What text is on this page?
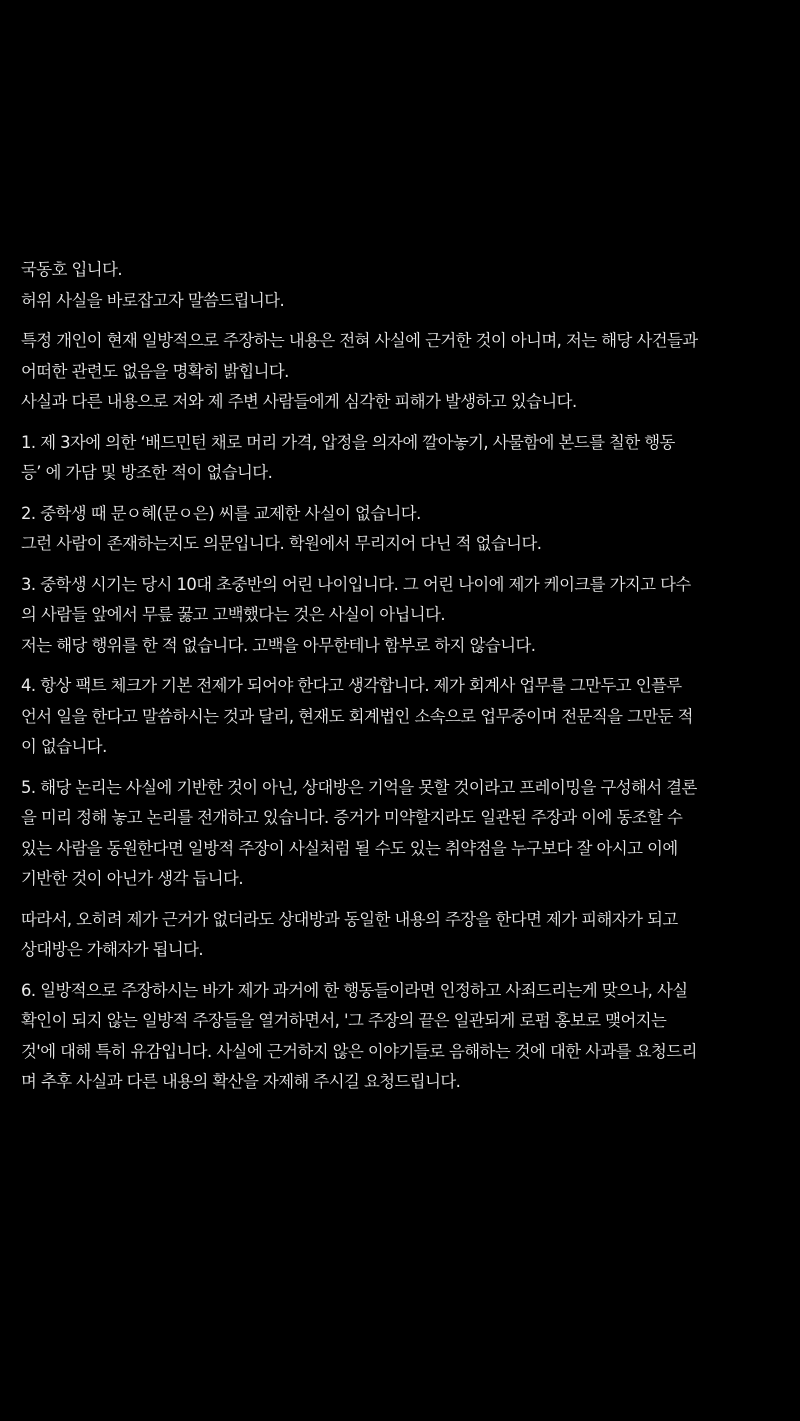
국동호 입니다.
허위 사실을 바로잡고자 말씀드립니다.
특정 개인이 현재 일방적으로 주장하는 내용은 전혀 사실에 근거한 것이 아니며, 저는 해당 사건들과
어떠한 관련도 없음을 명확히 밝힙니다.
사실과 다른 내용으로 저와 제 주변 사람들에게 심각한 피해가 발생하고 있습니다.
1. 제 3자에 의한 ‘배드민턴 채로 머리 가격, 압정을 의자에 깔아놓기, 사물함에 본드를 칠한 행동
등’ 에 가담 및 방조한 적이 없습니다.
2. 중학생 때 문ㅇ혜(문ㅇ은) 씨를 교제한 사실이 없습니다.
그런 사람이 존재하는지도 의문입니다. 학원에서 무리지어 다닌 적 없습니다.
3. 중학생 시기는 당시 10대 초중반의 어린 나이입니다. 그 어린 나이에 제가 케이크를 가지고 다수
의 사람들 앞에서 무릎 꿇고 고백했다는 것은 사실이 아닙니다.
저는 해당 행위를 한 적 없습니다. 고백을 아무한테나 함부로 하지 않습니다.
4. 항상 팩트 체크가 기본 전제가 되어야 한다고 생각합니다. 제가 회계사 업무를 그만두고 인플루
언서 일을 한다고 말씀하시는 것과 달리, 현재도 회계법인 소속으로 업무중이며 전문직을 그만둔 적
이 없습니다.
5. 해당 논리는 사실에 기반한 것이 아닌, 상대방은 기억을 못할 것이라고 프레이밍을 구성해서 결론
을 미리 정해 놓고 논리를 전개하고 있습니다. 증거가 미약할지라도 일관된 주장과 이에 동조할 수
있는 사람을 동원한다면 일방적 주장이 사실처럼 될 수도 있는 취약점을 누구보다 잘 아시고 이에
기반한 것이 아닌가 생각 듭니다.
따라서, 오히려 제가 근거가 없더라도 상대방과 동일한 내용의 주장을 한다면 제가 피해자가 되고
상대방은 가해자가 됩니다.
6. 일방적으로 주장하시는 바가 제가 과거에 한 행동들이라면 인정하고 사죄드리는게 맞으나, 사실
확인이 되지 않는 일방적 주장들을 열거하면서, '그 주장의 끝은 일관되게 로펌 홍보로 맺어지는
것'에 대해 특히 유감입니다. 사실에 근거하지 않은 이야기들로 음해하는 것에 대한 사과를 요청드리
며 추후 사실과 다른 내용의 확산을 자제해 주시길 요청드립니다.
